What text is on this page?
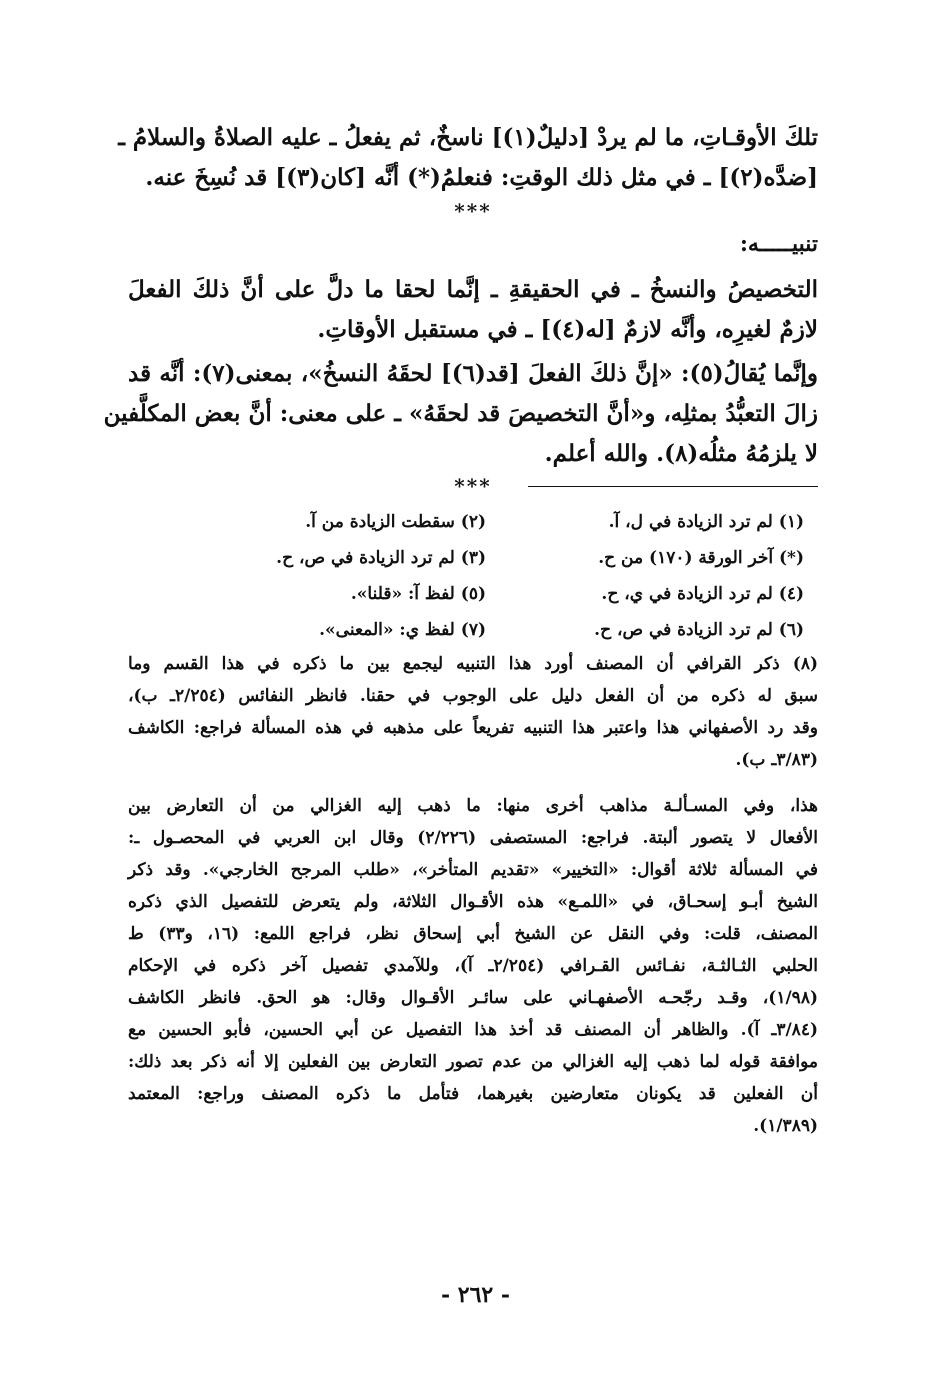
تلكَ الأوقـاتِ، ما لم يردْ [دليلٌ(١)] ناسخٌ، ثم يفعلُ ـ عليه الصلاةُ والسلامُ ـ

[ضدَّه(٢)] ـ في مثل ذلك الوقتِ: فنعلمُ(*) أنَّه [كان(٣)] قد نُسِخَ عنه.

***

تنبيـــــه:

التخصيصُ والنسخُ ـ في الحقيقةِ ـ إنَّما لحقا ما دلَّ على أنَّ ذلكَ الفعلَ

لازمٌ لغيرِه، وأنَّه لازمٌ [له(٤)] ـ في مستقبل الأوقاتِ.

وإنَّما يُقالُ(٥): «إنَّ ذلكَ الفعلَ [قد(٦)] لحقَهُ النسخُ»، بمعنى(٧): أنَّه قد

زالَ التعبُّدُ بمثلِه، و«أنَّ التخصيصَ قد لحقَهُ» ـ على معنى: أنَّ بعض المكلَّفين

لا يلزمُهُ مثلُه(٨). والله أعلم.

***
(١) لم ترد الزيادة في ل، آ.
(٢) سقطت الزيادة من آ.
(*) آخر الورقة (١٧٠) من ح.
(٣) لم ترد الزيادة في ص، ح.
(٤) لم ترد الزيادة في ي، ح.
(٥) لفظ آ: «قلنا».
(٦) لم ترد الزيادة في ص، ح.
(٧) لفظ ي: «المعنى».

(٨) ذكر القرافي أن المصنف أورد هذا التنبيه ليجمع بين ما ذكره في هذا القسم وما

سبق له ذكره من أن الفعل دليل على الوجوب في حقنا. فانظر النفائس (٢/٢٥٤ـ ب)،

وقد رد الأصفهاني هذا واعتبر هذا التنبيه تفريعاً على مذهبه في هذه المسألة فراجع: الكاشف

(٣/٨٣ـ ب).

هذا، وفي المسـألـة مذاهب أخرى منها: ما ذهب إليه الغزالي من أن التعارض بين

الأفعال لا يتصور ألبتة. فراجع: المستصفى (٢/٢٢٦) وقال ابن العربي في المحصـول ـ:

في المسألة ثلاثة أقوال: «التخيير» «تقديم المتأخر»، «طلب المرجح الخارجي». وقد ذكر

الشيخ أبـو إسحـاق، في «اللمـع» هذه الأقـوال الثلاثة، ولم يتعرض للتفصيل الذي ذكره

المصنف، قلت: وفي النقل عن الشيخ أبي إسحاق نظر، فراجع اللمع: (١٦، و٣٣) ط

الحلبي الثـالثـة، نفـائس القـرافي (٢/٢٥٤ـ آ)، وللآمدي تفصيل آخر ذكره في الإحكام

(١/٩٨)، وقـد رجّحـه الأصفهـاني على سائـر الأقـوال وقال: هو الحق. فانظر الكاشف

(٣/٨٤ـ آ). والظاهر أن المصنف قد أخذ هذا التفصيل عن أبي الحسين، فأبو الحسين مع

موافقة قوله لما ذهب إليه الغزالي من عدم تصور التعارض بين الفعلين إلا أنه ذكر بعد ذلك:

أن الفعلين قد يكونان متعارضين بغيرهما، فتأمل ما ذكره المصنف وراجع: المعتمد

(١/٣٨٩).

- ٢٦٢ -
